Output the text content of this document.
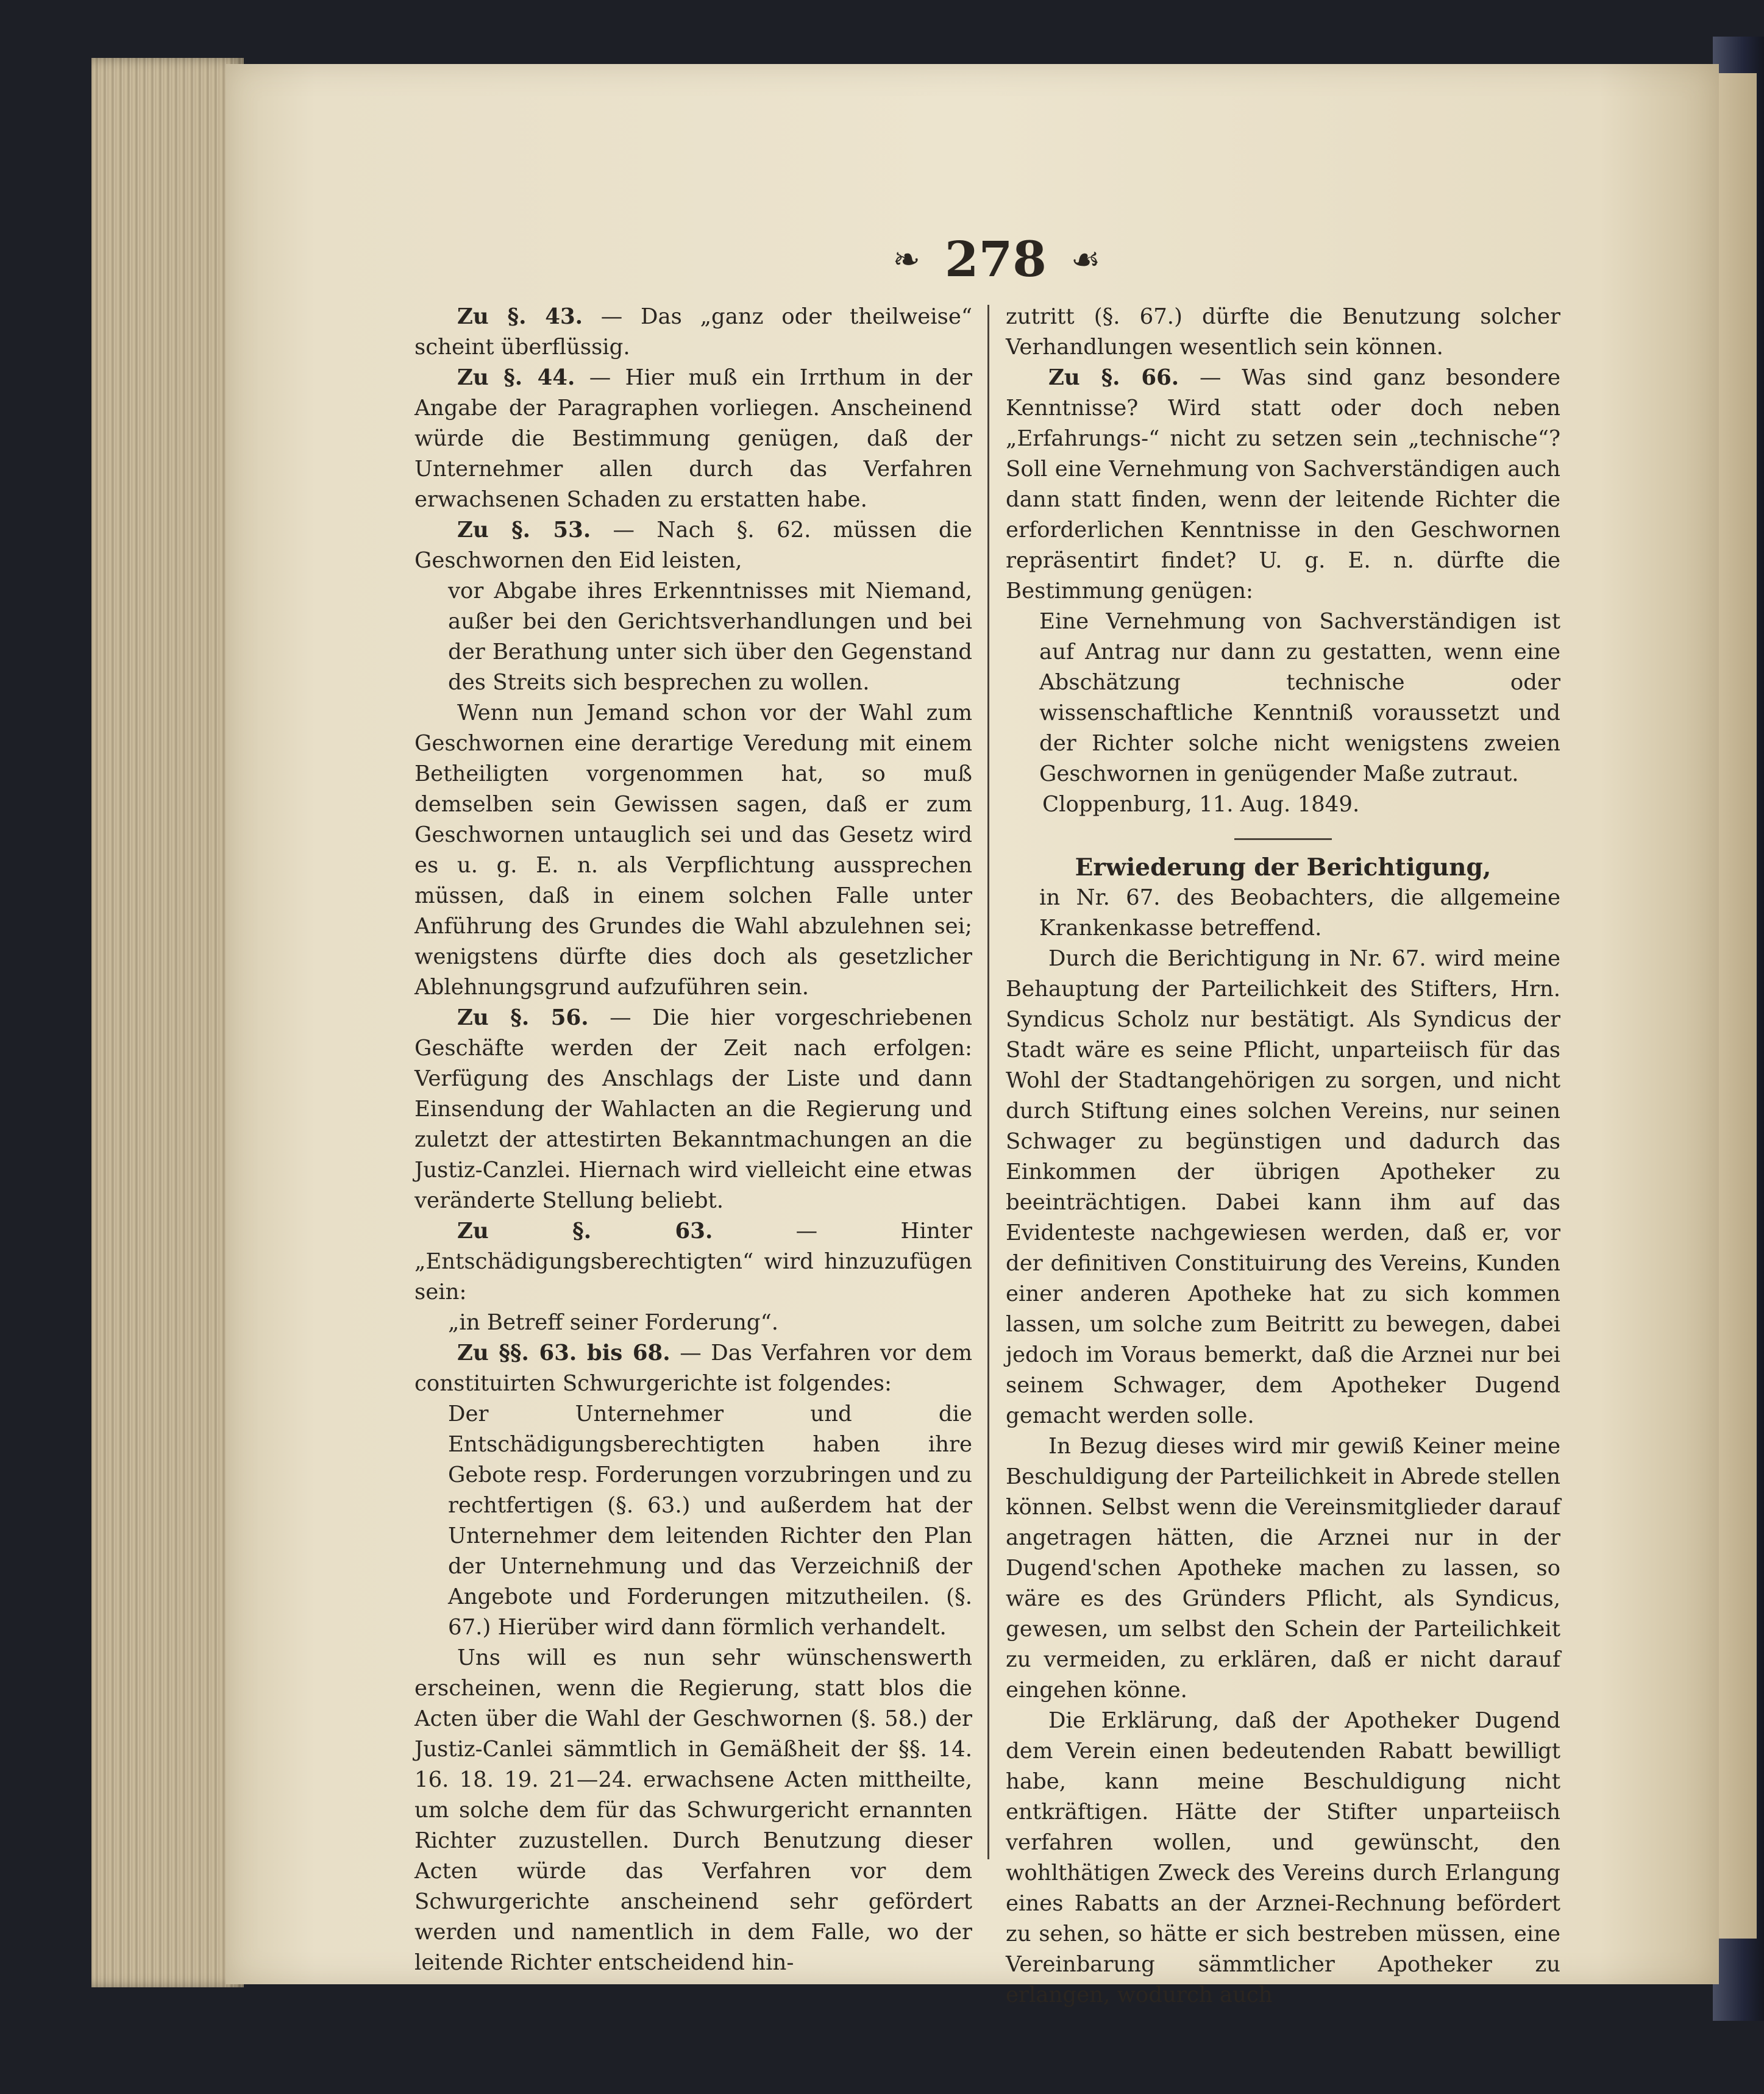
❧ 278 ☙

Zu §. 43. — Das „ganz oder theilweise“ scheint überflüssig.

Zu §. 44. — Hier muß ein Irrthum in der Angabe der Paragraphen vorliegen. Anscheinend würde die Bestimmung genügen, daß der Unternehmer allen durch das Verfahren erwachsenen Schaden zu erstatten habe.

Zu §. 53. — Nach §. 62. müssen die Geschwornen den Eid leisten,

vor Abgabe ihres Erkenntnisses mit Niemand, außer bei den Gerichtsverhandlungen und bei der Berathung unter sich über den Gegenstand des Streits sich besprechen zu wollen.

Wenn nun Jemand schon vor der Wahl zum Geschwornen eine derartige Veredung mit einem Betheiligten vorgenommen hat, so muß demselben sein Gewissen sagen, daß er zum Geschwornen untauglich sei und das Gesetz wird es u. g. E. n. als Verpflichtung aussprechen müssen, daß in einem solchen Falle unter Anführung des Grundes die Wahl abzulehnen sei; wenigstens dürfte dies doch als gesetzlicher Ablehnungsgrund aufzuführen sein.

Zu §. 56. — Die hier vorgeschriebenen Geschäfte werden der Zeit nach erfolgen: Verfügung des Anschlags der Liste und dann Einsendung der Wahlacten an die Regierung und zuletzt der attestirten Bekanntmachungen an die Justiz-Canzlei. Hiernach wird vielleicht eine etwas veränderte Stellung beliebt.

Zu §. 63. — Hinter „Entschädigungsberechtigten“ wird hinzuzufügen sein:

„in Betreff seiner Forderung“.

Zu §§. 63. bis 68. — Das Verfahren vor dem constituirten Schwurgerichte ist folgendes:

Der Unternehmer und die Entschädigungsberechtigten haben ihre Gebote resp. Forderungen vorzubringen und zu rechtfertigen (§. 63.) und außerdem hat der Unternehmer dem leitenden Richter den Plan der Unternehmung und das Verzeichniß der Angebote und Forderungen mitzutheilen. (§. 67.) Hierüber wird dann förmlich verhandelt.

Uns will es nun sehr wünschenswerth erscheinen, wenn die Regierung, statt blos die Acten über die Wahl der Geschwornen (§. 58.) der Justiz-Canlei sämmtlich in Gemäßheit der §§. 14. 16. 18. 19. 21—24. erwachsene Acten mittheilte, um solche dem für das Schwurgericht ernannten Richter zuzustellen. Durch Benutzung dieser Acten würde das Verfahren vor dem Schwurgerichte anscheinend sehr gefördert werden und namentlich in dem Falle, wo der leitende Richter entscheidend hin-

zutritt (§. 67.) dürfte die Benutzung solcher Verhandlungen wesentlich sein können.

Zu §. 66. — Was sind ganz besondere Kenntnisse? Wird statt oder doch neben „Erfahrungs-“ nicht zu setzen sein „technische“? Soll eine Vernehmung von Sachverständigen auch dann statt finden, wenn der leitende Richter die erforderlichen Kenntnisse in den Geschwornen repräsentirt findet? U. g. E. n. dürfte die Bestimmung genügen:

Eine Vernehmung von Sachverständigen ist auf Antrag nur dann zu gestatten, wenn eine Abschätzung technische oder wissenschaftliche Kenntniß voraussetzt und der Richter solche nicht wenigstens zweien Geschwornen in genügender Maße zutraut.

Cloppenburg, 11. Aug. 1849.

Erwiederung der Berichtigung,

in Nr. 67. des Beobachters, die allgemeine Krankenkasse betreffend.

Durch die Berichtigung in Nr. 67. wird meine Behauptung der Parteilichkeit des Stifters, Hrn. Syndicus Scholz nur bestätigt. Als Syndicus der Stadt wäre es seine Pflicht, unparteiisch für das Wohl der Stadtangehörigen zu sorgen, und nicht durch Stiftung eines solchen Vereins, nur seinen Schwager zu begünstigen und dadurch das Einkommen der übrigen Apotheker zu beeinträchtigen. Dabei kann ihm auf das Evidenteste nachgewiesen werden, daß er, vor der definitiven Constituirung des Vereins, Kunden einer anderen Apotheke hat zu sich kommen lassen, um solche zum Beitritt zu bewegen, dabei jedoch im Voraus bemerkt, daß die Arznei nur bei seinem Schwager, dem Apotheker Dugend gemacht werden solle.

In Bezug dieses wird mir gewiß Keiner meine Beschuldigung der Parteilichkeit in Abrede stellen können. Selbst wenn die Vereinsmitglieder darauf angetragen hätten, die Arznei nur in der Dugend'schen Apotheke machen zu lassen, so wäre es des Gründers Pflicht, als Syndicus, gewesen, um selbst den Schein der Parteilichkeit zu vermeiden, zu erklären, daß er nicht darauf eingehen könne.

Die Erklärung, daß der Apotheker Dugend dem Verein einen bedeutenden Rabatt bewilligt habe, kann meine Beschuldigung nicht entkräftigen. Hätte der Stifter unparteiisch verfahren wollen, und gewünscht, den wohlthätigen Zweck des Vereins durch Erlangung eines Rabatts an der Arznei-Rechnung befördert zu sehen, so hätte er sich bestreben müssen, eine Vereinbarung sämmtlicher Apotheker zu erlangen, wodurch auch
